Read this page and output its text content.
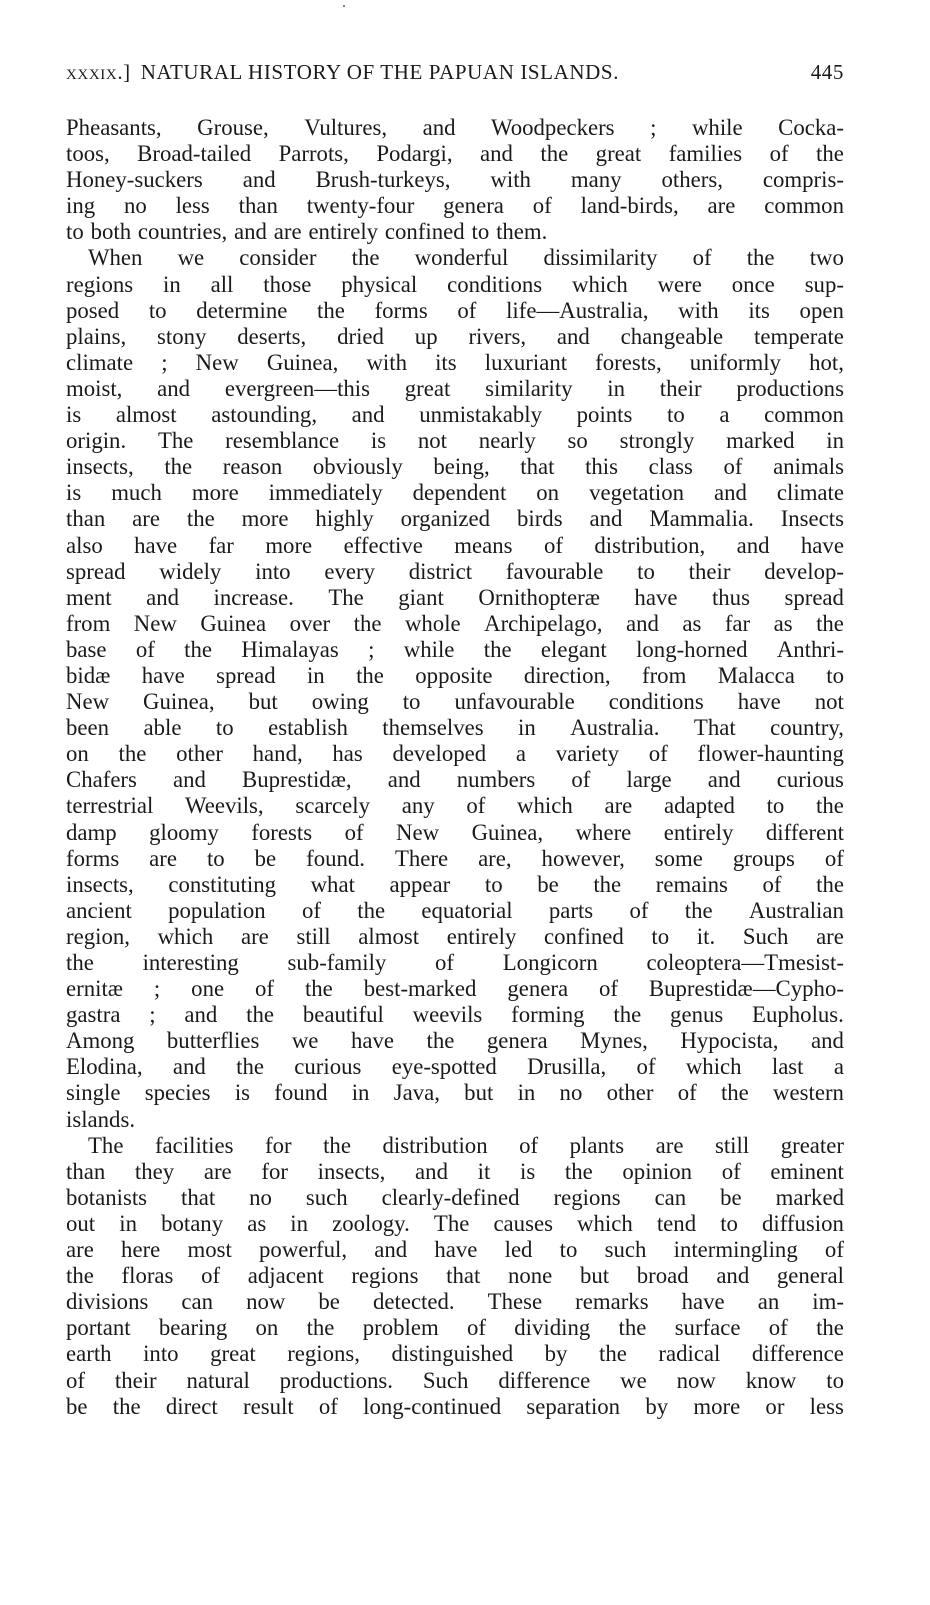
xxxix.] NATURAL HISTORY OF THE PAPUAN ISLANDS.	445
Pheasants, Grouse, Vultures, and Woodpeckers ; while Cocka-
toos, Broad-tailed Parrots, Podargi, and the great families of the
Honey-suckers and Brush-turkeys, with many others, compris-
ing no less than twenty-four genera of land-birds, are common
to both countries, and are entirely confined to them.
When we consider the wonderful dissimilarity of the two
regions in all those physical conditions which were once sup-
posed to determine the forms of life—Australia, with its open
plains, stony deserts, dried up rivers, and changeable temperate
climate ; New Guinea, with its luxuriant forests, uniformly hot,
moist, and evergreen—this great similarity in their productions
is almost astounding, and unmistakably points to a common
origin. The resemblance is not nearly so strongly marked in
insects, the reason obviously being, that this class of animals
is much more immediately dependent on vegetation and climate
than are the more highly organized birds and Mammalia. Insects
also have far more effective means of distribution, and have
spread widely into every district favourable to their develop-
ment and increase. The giant Ornithopteræ have thus spread
from New Guinea over the whole Archipelago, and as far as the
base of the Himalayas ; while the elegant long-horned Anthri-
bidæ have spread in the opposite direction, from Malacca to
New Guinea, but owing to unfavourable conditions have not
been able to establish themselves in Australia. That country,
on the other hand, has developed a variety of flower-haunting
Chafers and Buprestidæ, and numbers of large and curious
terrestrial Weevils, scarcely any of which are adapted to the
damp gloomy forests of New Guinea, where entirely different
forms are to be found. There are, however, some groups of
insects, constituting what appear to be the remains of the
ancient population of the equatorial parts of the Australian
region, which are still almost entirely confined to it. Such are
the interesting sub-family of Longicorn coleoptera—Tmesist-
ernitæ ; one of the best-marked genera of Buprestidæ—Cypho-
gastra ; and the beautiful weevils forming the genus Eupholus.
Among butterflies we have the genera Mynes, Hypocista, and
Elodina, and the curious eye-spotted Drusilla, of which last a
single species is found in Java, but in no other of the western
islands.
The facilities for the distribution of plants are still greater
than they are for insects, and it is the opinion of eminent
botanists that no such clearly-defined regions can be marked
out in botany as in zoology. The causes which tend to diffusion
are here most powerful, and have led to such intermingling of
the floras of adjacent regions that none but broad and general
divisions can now be detected. These remarks have an im-
portant bearing on the problem of dividing the surface of the
earth into great regions, distinguished by the radical difference
of their natural productions. Such difference we now know to
be the direct result of long-continued separation by more or less
